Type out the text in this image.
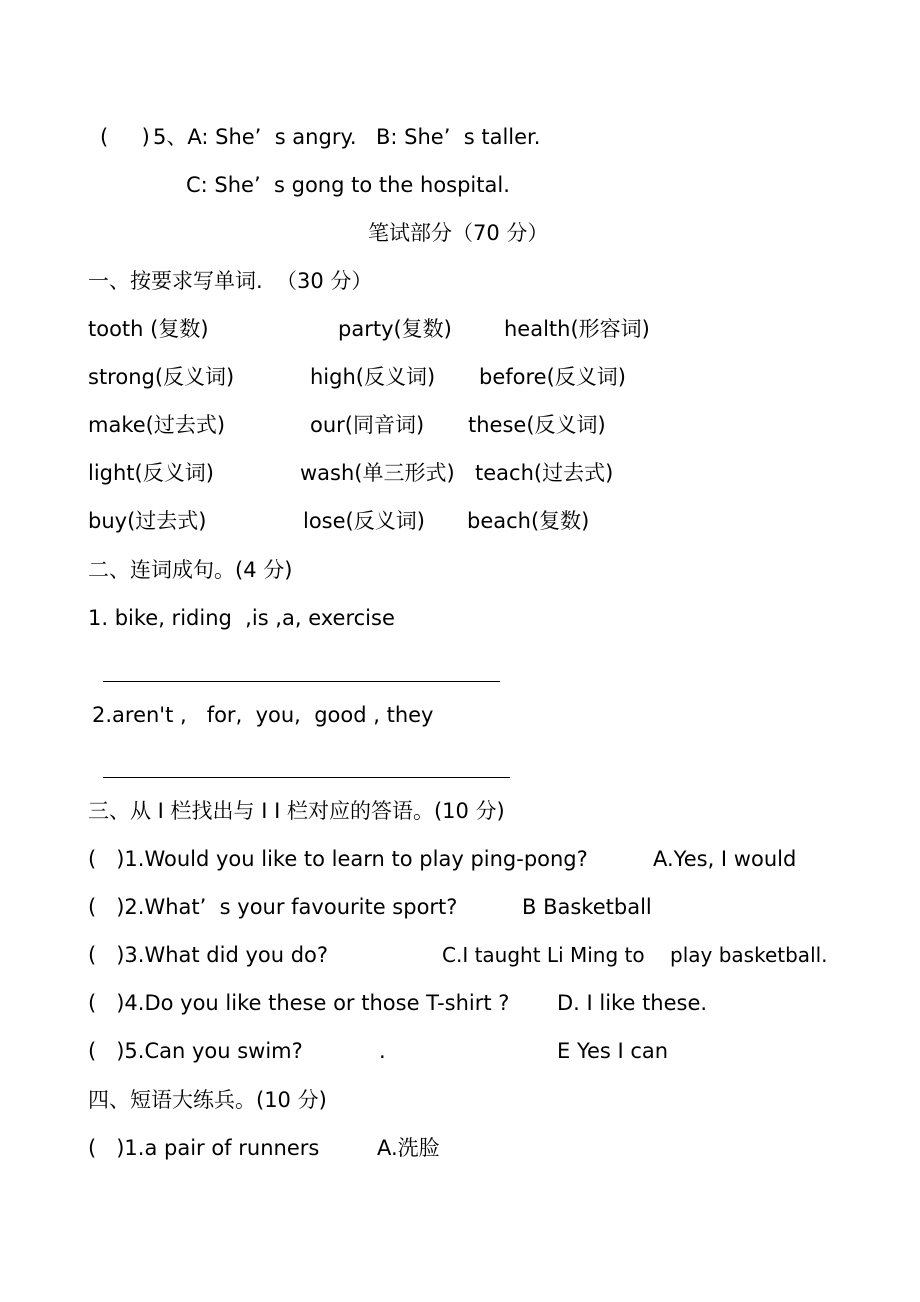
(     ) 5、A: She’  s angry. B: She’  s taller.
C: She’  s gong to the hospital.
笔试部分（70 分）
一、按要求写单词.  （30 分）
tooth (复数)	party(复数) health(形容词)
strong(反义词)	high(反义词) before(反义词)
make(过去式)	our(同音词) these(反义词)
light(反义词)	wash(单三形式) teach(过去式)
buy(过去式)	lose(反义词) beach(复数)
二、连词成句。(4 分)
1. bike, riding  ,is ,a, exercise
2.aren't ,   for,  you,  good , they
三、从 I 栏找出与 I I 栏对应的答语。(10 分)
(   )1.Would you like to learn to play ping-pong?	A.Yes, I would
(   )2.What’  s your favourite sport?	B Basketball
(   )3.What did you do?	C.I taught Li Ming to    play basketball.
(   )4.Do you like these or those T-shirt ? D. I like these.
(   )5.Can you swim?	.	E Yes I can
四、短语大练兵。(10 分)
(   )1.a pair of runners	A.洗脸
